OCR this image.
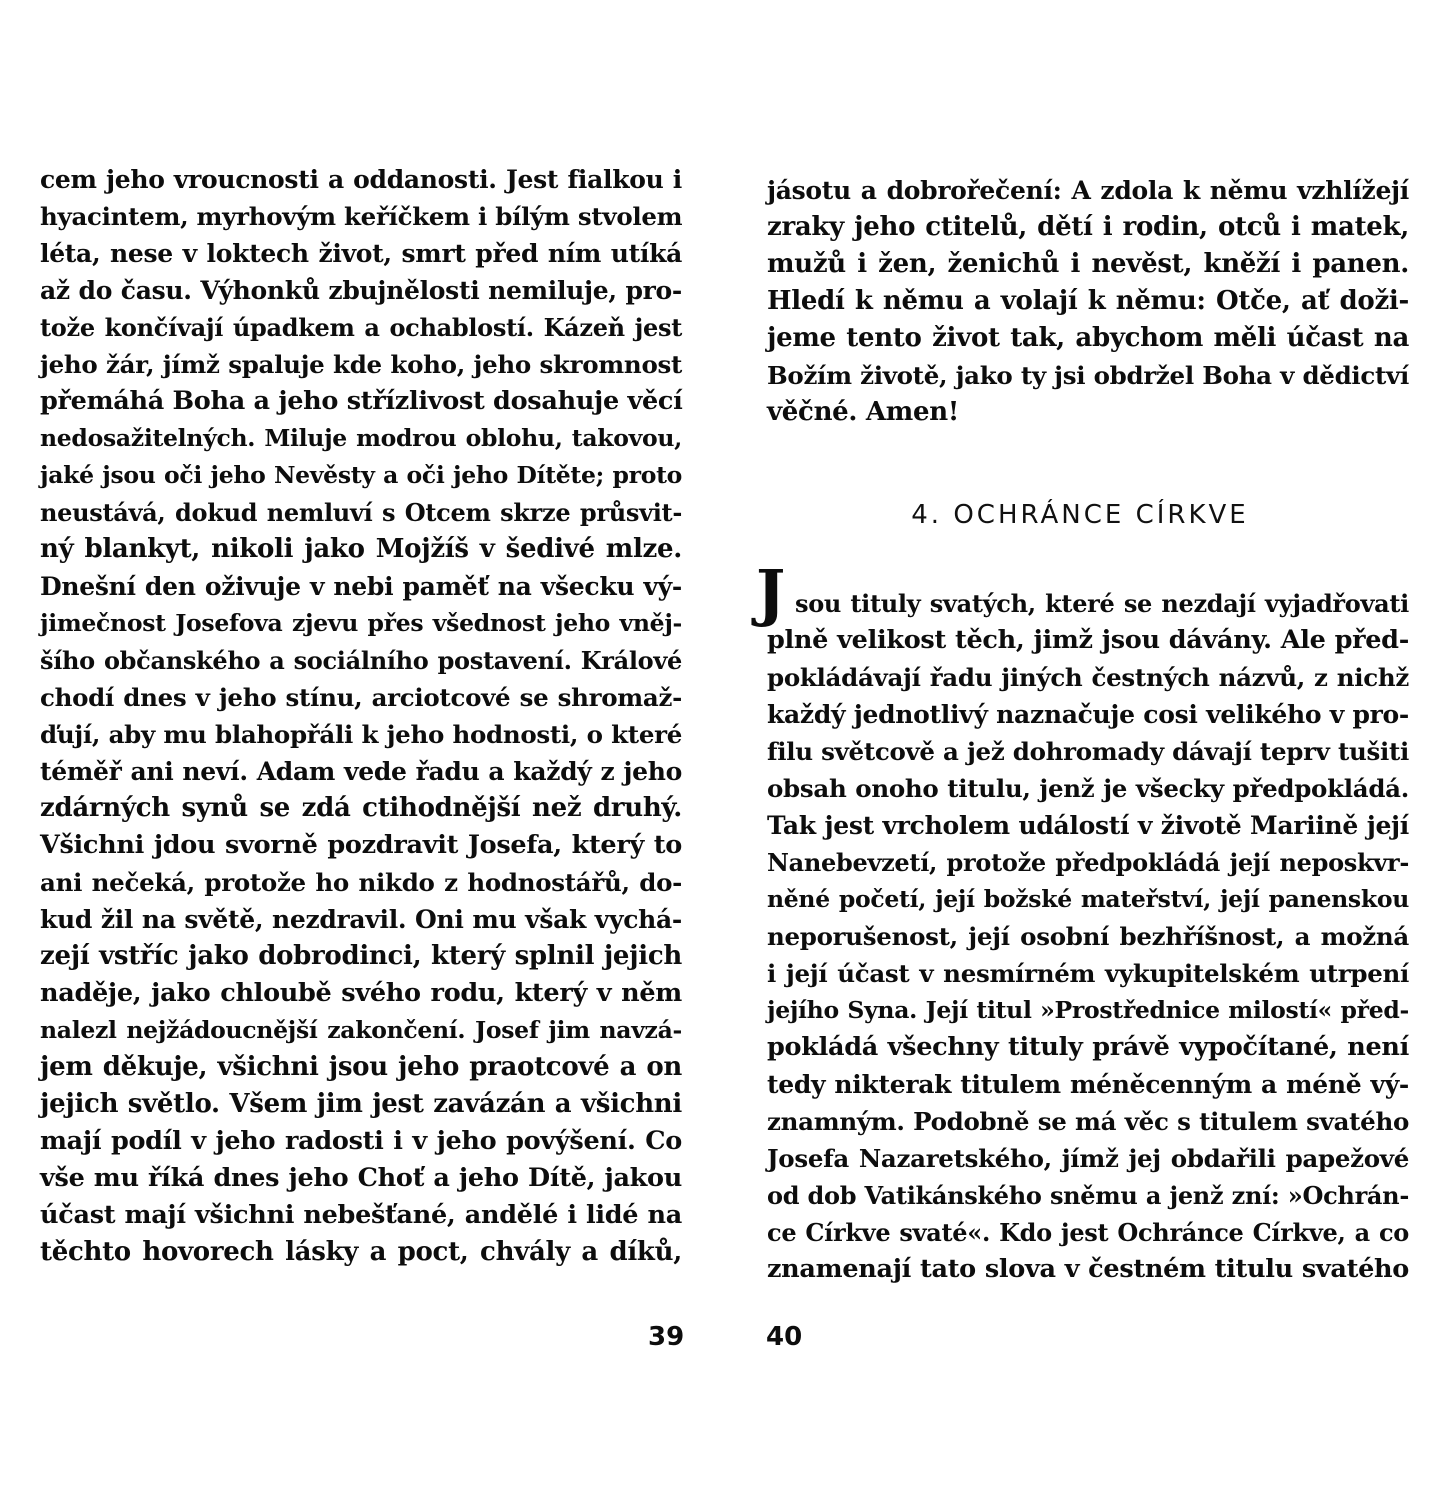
cem jeho vroucnosti a oddanosti. Jest fialkou i
hyacintem, myrhovým keříčkem i bílým stvolem
léta, nese v loktech život, smrt před ním utíká
až do času. Výhonků zbujnělosti nemiluje, pro-
tože končívají úpadkem a ochablostí. Kázeň jest
jeho žár, jímž spaluje kde koho, jeho skromnost
přemáhá Boha a jeho střízlivost dosahuje věcí
nedosažitelných. Miluje modrou oblohu, takovou,
jaké jsou oči jeho Nevěsty a oči jeho Dítěte; proto
neustává, dokud nemluví s Otcem skrze průsvit-
ný blankyt, nikoli jako Mojžíš v šedivé mlze.
Dnešní den oživuje v nebi paměť na všecku vý-
jimečnost Josefova zjevu přes všednost jeho vněj-
šího občanského a sociálního postavení. Králové
chodí dnes v jeho stínu, arciotcové se shromaž-
ďují, aby mu blahopřáli k jeho hodnosti, o které
téměř ani neví. Adam vede řadu a každý z jeho
zdárných synů se zdá ctihodnější než druhý.
Všichni jdou svorně pozdravit Josefa, který to
ani nečeká, protože ho nikdo z hodnostářů, do-
kud žil na světě, nezdravil. Oni mu však vychá-
zejí vstříc jako dobrodinci, který splnil jejich
naděje, jako chloubě svého rodu, který v něm
nalezl nejžádoucnější zakončení. Josef jim navzá-
jem děkuje, všichni jsou jeho praotcové a on
jejich světlo. Všem jim jest zavázán a všichni
mají podíl v jeho radosti i v jeho povýšení. Co
vše mu říká dnes jeho Choť a jeho Dítě, jakou
účast mají všichni nebešťané, andělé i lidé na
těchto hovorech lásky a poct, chvály a díků,
39
jásotu a dobrořečení: A zdola k němu vzhlížejí
zraky jeho ctitelů, dětí i rodin, otců i matek,
mužů i žen, ženichů i nevěst, kněží i panen.
Hledí k němu a volají k němu: Otče, ať doži-
jeme tento život tak, abychom měli účast na
Božím životě, jako ty jsi obdržel Boha v dědictví
věčné. Amen!
4. OCHRÁNCE CÍRKVE
J sou tituly svatých, které se nezdají vyjadřovati
plně velikost těch, jimž jsou dávány. Ale před-
pokládávají řadu jiných čestných názvů, z nichž
každý jednotlivý naznačuje cosi velikého v pro-
filu světcově a jež dohromady dávají teprv tušiti
obsah onoho titulu, jenž je všecky předpokládá.
Tak jest vrcholem událostí v životě Mariině její
Nanebevzetí, protože předpokládá její neposkvr-
něné početí, její božské mateřství, její panenskou
neporušenost, její osobní bezhříšnost, a možná
i její účast v nesmírném vykupitelském utrpení
jejího Syna. Její titul »Prostřednice milostí« před-
pokládá všechny tituly právě vypočítané, není
tedy nikterak titulem méněcenným a méně vý-
znamným. Podobně se má věc s titulem svatého
Josefa Nazaretského, jímž jej obdařili papežové
od dob Vatikánského sněmu a jenž zní: »Ochrán-
ce Církve svaté«. Kdo jest Ochránce Církve, a co
znamenají tato slova v čestném titulu svatého
40
